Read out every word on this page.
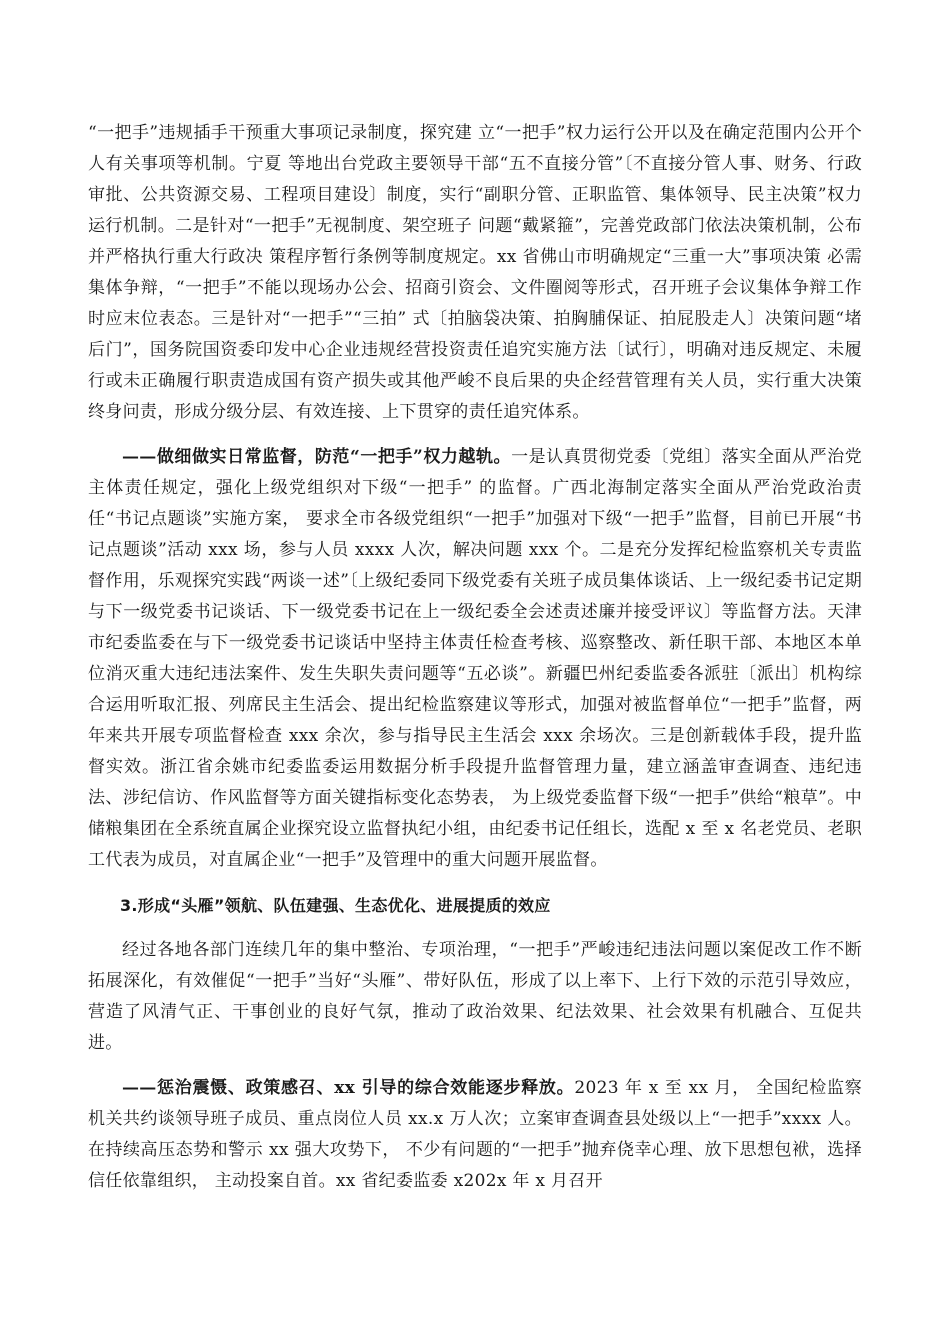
“一把手”违规插手干预重大事项记录制度，探究建 立“一把手”权力运行公开以及在确定范围内公开个人有关事项等机制。宁夏 等地出台党政主要领导干部“五不直接分管”〔不直接分管人事、财务、行政审批、公共资源交易、工程项目建设〕制度，实行“副职分管、正职监管、集体领导、民主决策”权力运行机制。二是针对“一把手”无视制度、架空班子 问题“戴紧箍”，完善党政部门依法决策机制，公布并严格执行重大行政决 策程序暂行条例等制度规定。xx 省佛山市明确规定“三重一大”事项决策 必需集体争辩，“一把手”不能以现场办公会、招商引资会、文件圈阅等形式，召开班子会议集体争辩工作时应末位表态。三是针对“一把手”“三拍” 式〔拍脑袋决策、拍胸脯保证、拍屁股走人〕决策问题“堵后门”，国务院国资委印发中心企业违规经营投资责任追究实施方法〔试行〕，明确对违反规定、未履行或未正确履行职责造成国有资产损失或其他严峻不良后果的央企经营管理有关人员，实行重大决策终身问责，形成分级分层、有效连接、上下贯穿的责任追究体系。

——做细做实日常监督，防范“一把手”权力越轨。一是认真贯彻党委〔党组〕落实全面从严治党主体责任规定，强化上级党组织对下级“一把手” 的监督。广西北海制定落实全面从严治党政治责任“书记点题谈”实施方案， 要求全市各级党组织“一把手”加强对下级“一把手”监督，目前已开展“书记点题谈”活动 xxx 场，参与人员 xxxx 人次，解决问题 xxx 个。二是充分发挥纪检监察机关专责监督作用，乐观探究实践“两谈一述”〔上级纪委同下级党委有关班子成员集体谈话、上一级纪委书记定期与下一级党委书记谈话、下一级党委书记在上一级纪委全会述责述廉并接受评议〕等监督方法。天津市纪委监委在与下一级党委书记谈话中坚持主体责任检查考核、巡察整改、新任职干部、本地区本单位消灭重大违纪违法案件、发生失职失责问题等“五必谈”。新疆巴州纪委监委各派驻〔派出〕机构综合运用听取汇报、列席民主生活会、提出纪检监察建议等形式，加强对被监督单位“一把手”监督，两年来共开展专项监督检查 xxx 余次，参与指导民主生活会 xxx 余场次。三是创新载体手段，提升监督实效。浙江省余姚市纪委监委运用数据分析手段提升监督管理力量，建立涵盖审查调查、违纪违法、涉纪信访、作风监督等方面关键指标变化态势表， 为上级党委监督下级“一把手”供给“粮草”。中储粮集团在全系统直属企业探究设立监督执纪小组，由纪委书记任组长，选配 x 至 x 名老党员、老职工代表为成员，对直属企业“一把手”及管理中的重大问题开展监督。

3.形成“头雁”领航、队伍建强、生态优化、进展提质的效应

经过各地各部门连续几年的集中整治、专项治理，“一把手”严峻违纪违法问题以案促改工作不断拓展深化，有效催促“一把手”当好“头雁”、带好队伍，形成了以上率下、上行下效的示范引导效应，营造了风清气正、干事创业的良好气氛，推动了政治效果、纪法效果、社会效果有机融合、互促共进。

——惩治震慑、政策感召、xx 引导的综合效能逐步释放。2023 年 x 至 xx 月， 全国纪检监察机关共约谈领导班子成员、重点岗位人员 xx.x 万人次；立案审查调查县处级以上“一把手”xxxx 人。在持续高压态势和警示 xx 强大攻势下， 不少有问题的“一把手”抛弃侥幸心理、放下思想包袱，选择信任依靠组织， 主动投案自首。xx 省纪委监委 x202x 年 x 月召开
